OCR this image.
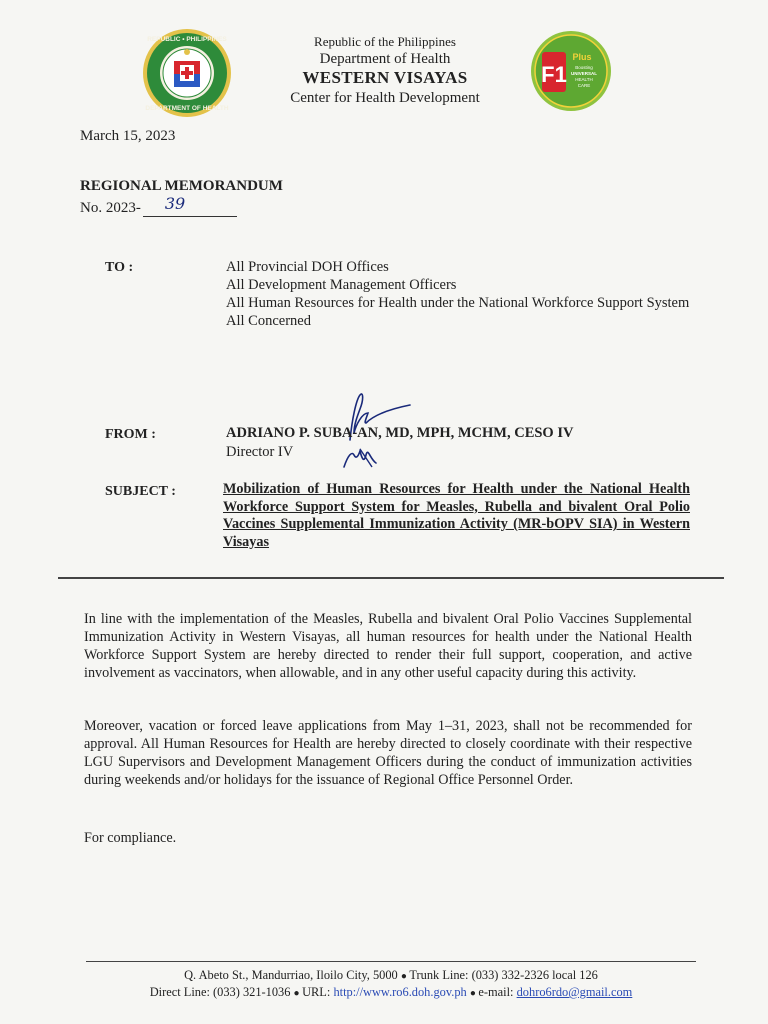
REPUBLIC • PHILIPPINES
DEPARTMENT OF HEALTH
Republic of the Philippines
Department of Health
WESTERN VISAYAS
Center for Health Development
F1
Plus
Boosting
UNIVERSAL
HEALTH
CARE
March 15, 2023
REGIONAL MEMORANDUM
No. 2023- 39
TO :	All Provincial DOH Offices
All Development Management Officers
All Human Resources for Health under the National Workforce Support System
All Concerned
FROM :	ADRIANO P. SUBA-AN, MD, MPH, MCHM, CESO IV
Director IV
SUBJECT :	Mobilization of Human Resources for Health under the National Health Workforce Support System for Measles, Rubella and bivalent Oral Polio Vaccines Supplemental Immunization Activity (MR-bOPV SIA) in Western Visayas
In line with the implementation of the Measles, Rubella and bivalent Oral Polio Vaccines Supplemental Immunization Activity in Western Visayas, all human resources for health under the National Health Workforce Support System are hereby directed to render their full support, cooperation, and active involvement as vaccinators, when allowable, and in any other useful capacity during this activity.
Moreover, vacation or forced leave applications from May 1–31, 2023, shall not be recommended for approval. All Human Resources for Health are hereby directed to closely coordinate with their respective LGU Supervisors and Development Management Officers during the conduct of immunization activities during weekends and/or holidays for the issuance of Regional Office Personnel Order.
For compliance.
Q. Abeto St., Mandurriao, Iloilo City, 5000 ● Trunk Line: (033) 332-2326 local 126
Direct Line: (033) 321-1036 ● URL: http://www.ro6.doh.gov.ph ● e-mail: dohro6rdo@gmail.com
